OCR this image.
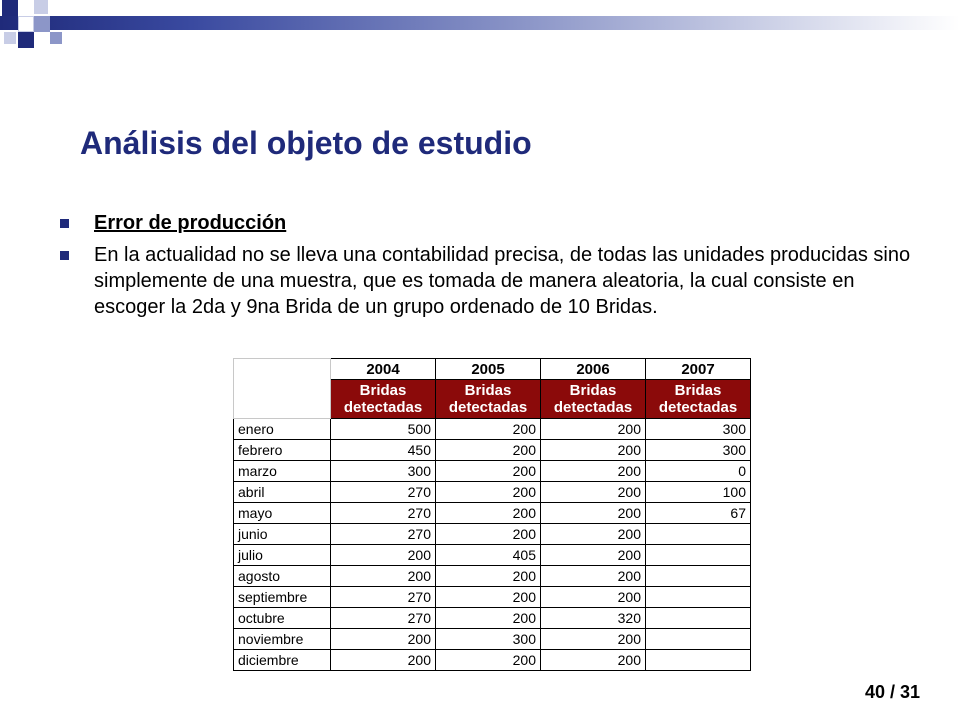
Análisis del objeto de estudio
Error de producción
En la actualidad no se lleva una contabilidad precisa, de todas las unidades producidas sino simplemente de una muestra, que es tomada de manera aleatoria, la cual consiste en escoger la 2da y 9na Brida de un grupo ordenado de 10 Bridas.
	2004	2005	2006	2007
	Bridas detectadas	Bridas detectadas	Bridas detectadas	Bridas detectadas
enero	500	200	200	300
febrero	450	200	200	300
marzo	300	200	200	0
abril	270	200	200	100
mayo	270	200	200	67
junio	270	200	200	
julio	200	405	200	
agosto	200	200	200	
septiembre	270	200	200	
octubre	270	200	320	
noviembre	200	300	200	
diciembre	200	200	200	
40 / 31
